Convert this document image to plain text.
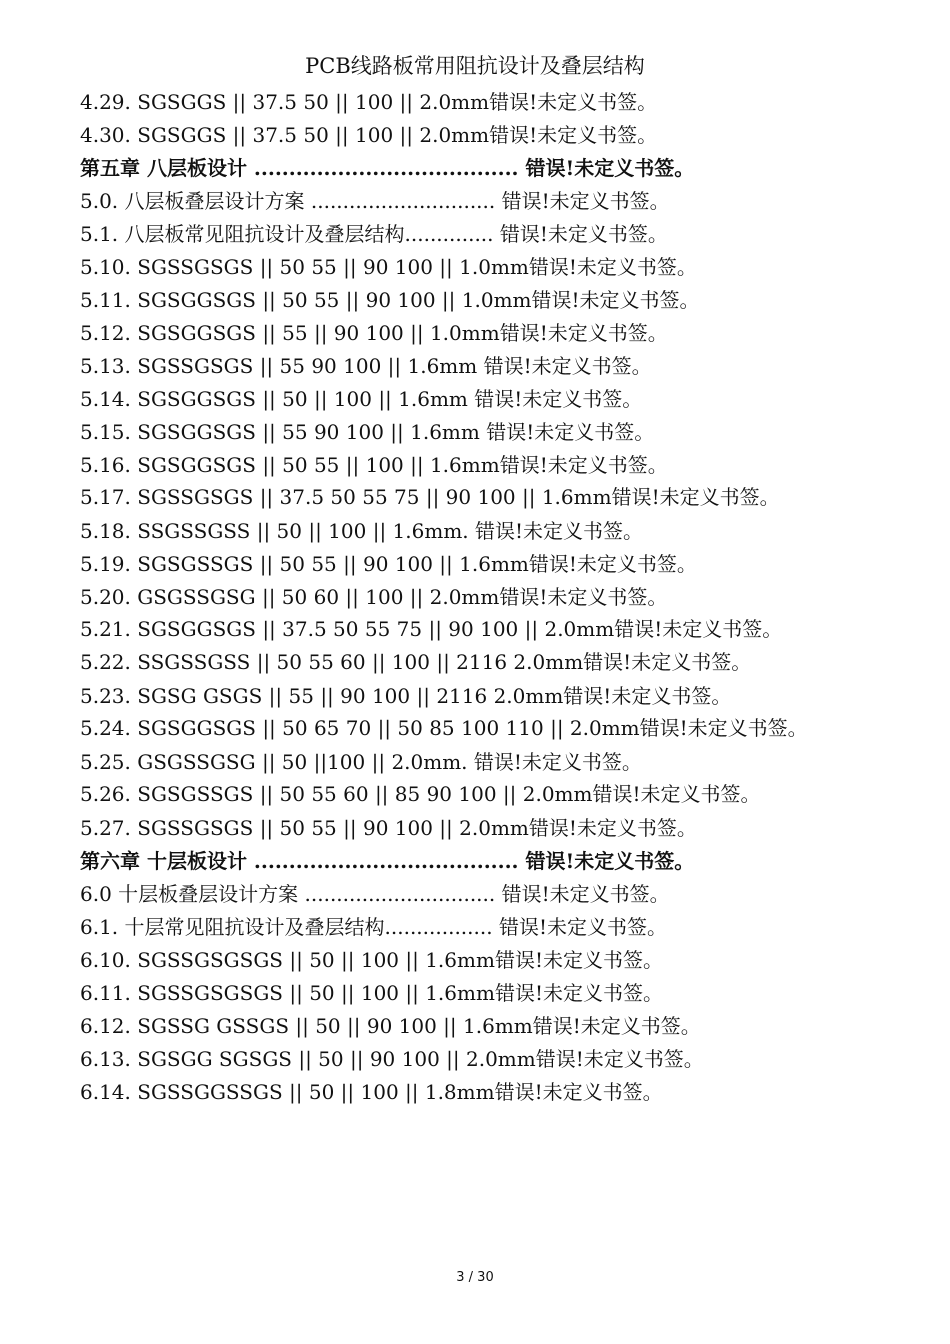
PCB线路板常用阻抗设计及叠层结构
4.29. SGSGGS || 37.5 50 || 100 || 2.0mm错误!未定义书签。
4.30. SGSGGS || 37.5 50 || 100 || 2.0mm错误!未定义书签。
第五章 八层板设计 ...................................... 错误!未定义书签。
5.0. 八层板叠层设计方案 ............................. 错误!未定义书签。
5.1. 八层板常见阻抗设计及叠层结构.............. 错误!未定义书签。
5.10. SGSSGSGS || 50 55 || 90 100 || 1.0mm错误!未定义书签。
5.11. SGSGGSGS || 50 55 || 90 100 || 1.0mm错误!未定义书签。
5.12. SGSGGSGS || 55 || 90 100 || 1.0mm错误!未定义书签。
5.13. SGSSGSGS || 55 90 100 || 1.6mm 错误!未定义书签。
5.14. SGSGGSGS || 50 || 100 || 1.6mm 错误!未定义书签。
5.15. SGSGGSGS || 55 90 100 || 1.6mm 错误!未定义书签。
5.16. SGSGGSGS || 50 55 || 100 || 1.6mm错误!未定义书签。
5.17. SGSSGSGS || 37.5 50 55 75 || 90 100 || 1.6mm错误!未定义书签。
5.18. SSGSSGSS || 50 || 100 || 1.6mm. 错误!未定义书签。
5.19. SGSGSSGS || 50 55 || 90 100 || 1.6mm错误!未定义书签。
5.20. GSGSSGSG || 50 60 || 100 || 2.0mm错误!未定义书签。
5.21. SGSGGSGS || 37.5 50 55 75 || 90 100 || 2.0mm错误!未定义书签。
5.22. SSGSSGSS || 50 55 60 || 100 || 2116 2.0mm错误!未定义书签。
5.23. SGSG GSGS || 55 || 90 100 || 2116 2.0mm错误!未定义书签。
5.24. SGSGGSGS || 50 65 70 || 50 85 100 110 || 2.0mm错误!未定义书签。
5.25. GSGSSGSG || 50 ||100 || 2.0mm. 错误!未定义书签。
5.26. SGSGSSGS || 50 55 60 || 85 90 100 || 2.0mm错误!未定义书签。
5.27. SGSSGSGS || 50 55 || 90 100 || 2.0mm错误!未定义书签。
第六章 十层板设计 ...................................... 错误!未定义书签。
6.0 十层板叠层设计方案 .............................. 错误!未定义书签。
6.1. 十层常见阻抗设计及叠层结构................. 错误!未定义书签。
6.10. SGSSGSGSGS || 50 || 100 || 1.6mm错误!未定义书签。
6.11. SGSSGSGSGS || 50 || 100 || 1.6mm错误!未定义书签。
6.12. SGSSG GSSGS || 50 || 90 100 || 1.6mm错误!未定义书签。
6.13. SGSGG SGSGS || 50 || 90 100 || 2.0mm错误!未定义书签。
6.14. SGSSGGSSGS || 50 || 100 || 1.8mm错误!未定义书签。
3 / 30
